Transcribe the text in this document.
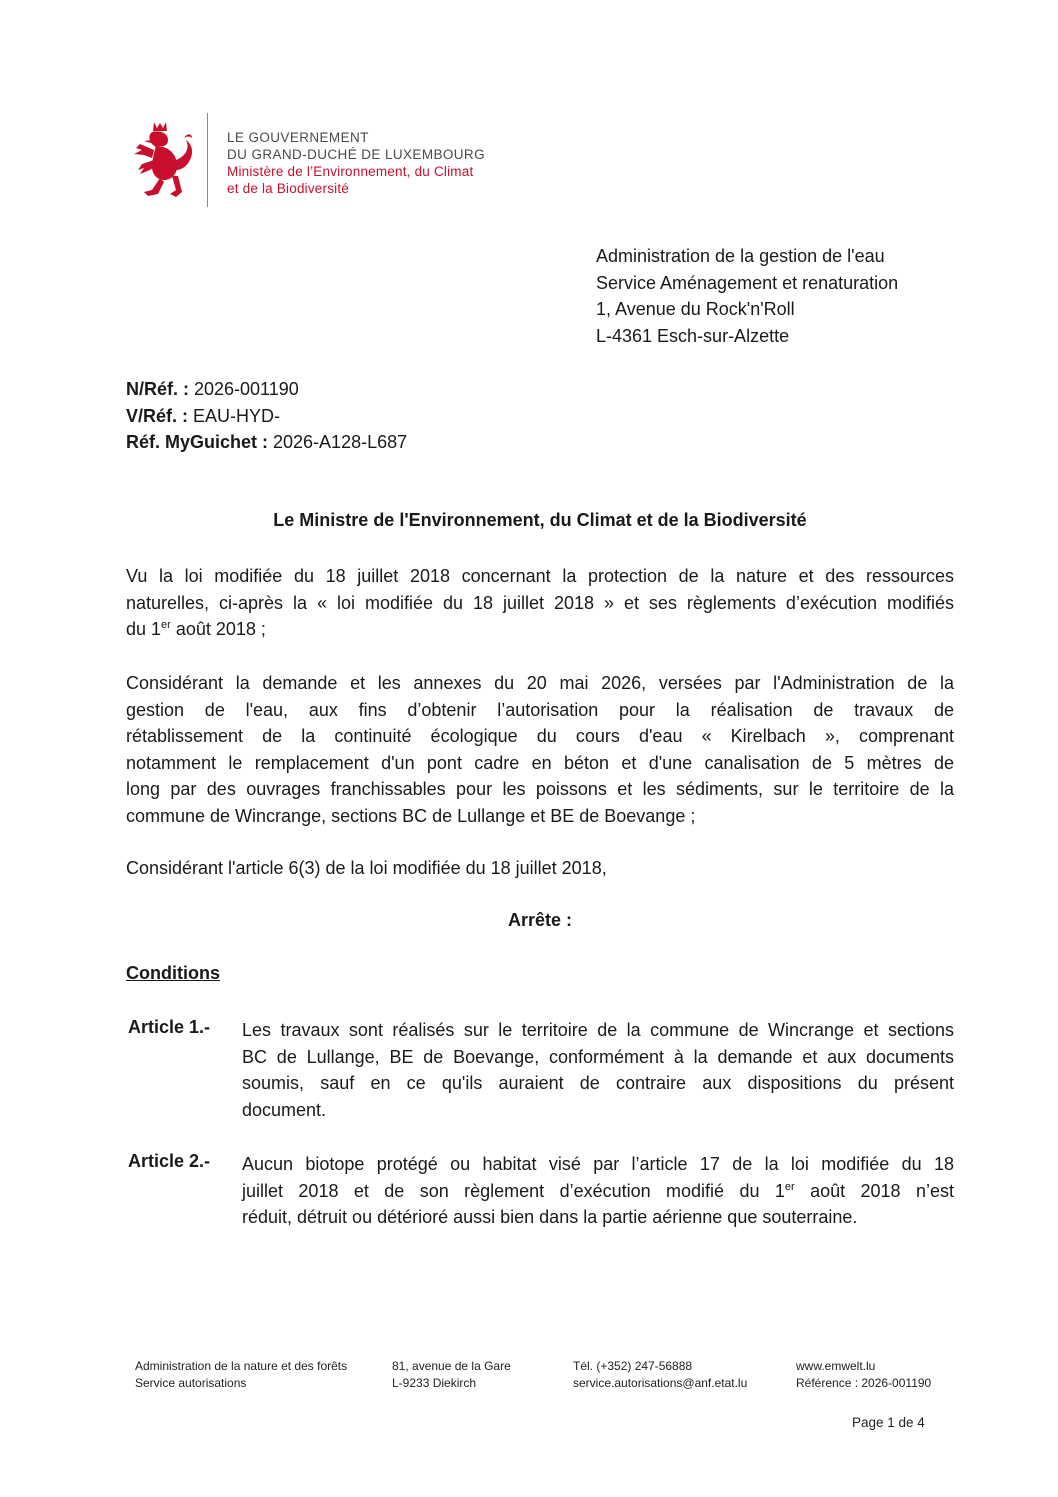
LE GOUVERNEMENT
DU GRAND-DUCHÉ DE LUXEMBOURG
Ministère de l’Environnement, du Climat
et de la Biodiversité
Administration de la gestion de l'eau
Service Aménagement et renaturation
1, Avenue du Rock'n'Roll
L-4361 Esch-sur-Alzette
N/Réf. : 2026-001190
V/Réf. : EAU-HYD-
Réf. MyGuichet : 2026-A128-L687
Le Ministre de l'Environnement, du Climat et de la Biodiversité
Vu la loi modifiée du 18 juillet 2018 concernant la protection de la nature et des ressources
naturelles, ci-après la « loi modifiée du 18 juillet 2018 » et ses règlements d’exécution modifiés
du 1er août 2018 ;
Considérant la demande et les annexes du 20 mai 2026, versées par l'Administration de la
gestion de l'eau, aux fins d’obtenir l’autorisation pour la réalisation de travaux de
rétablissement de la continuité écologique du cours d'eau « Kirelbach », comprenant
notamment le remplacement d'un pont cadre en béton et d'une canalisation de 5 mètres de
long par des ouvrages franchissables pour les poissons et les sédiments, sur le territoire de la
commune de Wincrange, sections BC de Lullange et BE de Boevange ;
Considérant l'article 6(3) de la loi modifiée du 18 juillet 2018,
Arrête :
Conditions
Article 1.- Les travaux sont réalisés sur le territoire de la commune de Wincrange et sections
BC de Lullange, BE de Boevange, conformément à la demande et aux documents
soumis, sauf en ce qu'ils auraient de contraire aux dispositions du présent
document.
Article 2.- Aucun biotope protégé ou habitat visé par l’article 17 de la loi modifiée du 18
juillet 2018 et de son règlement d’exécution modifié du 1er août 2018 n’est
réduit, détruit ou détérioré aussi bien dans la partie aérienne que souterraine.
Administration de la nature et des forêts
Service autorisations
81, avenue de la Gare
L-9233 Diekirch
Tél. (+352) 247-56888
service.autorisations@anf.etat.lu
www.emwelt.lu
Référence : 2026-001190
Page 1 de 4
